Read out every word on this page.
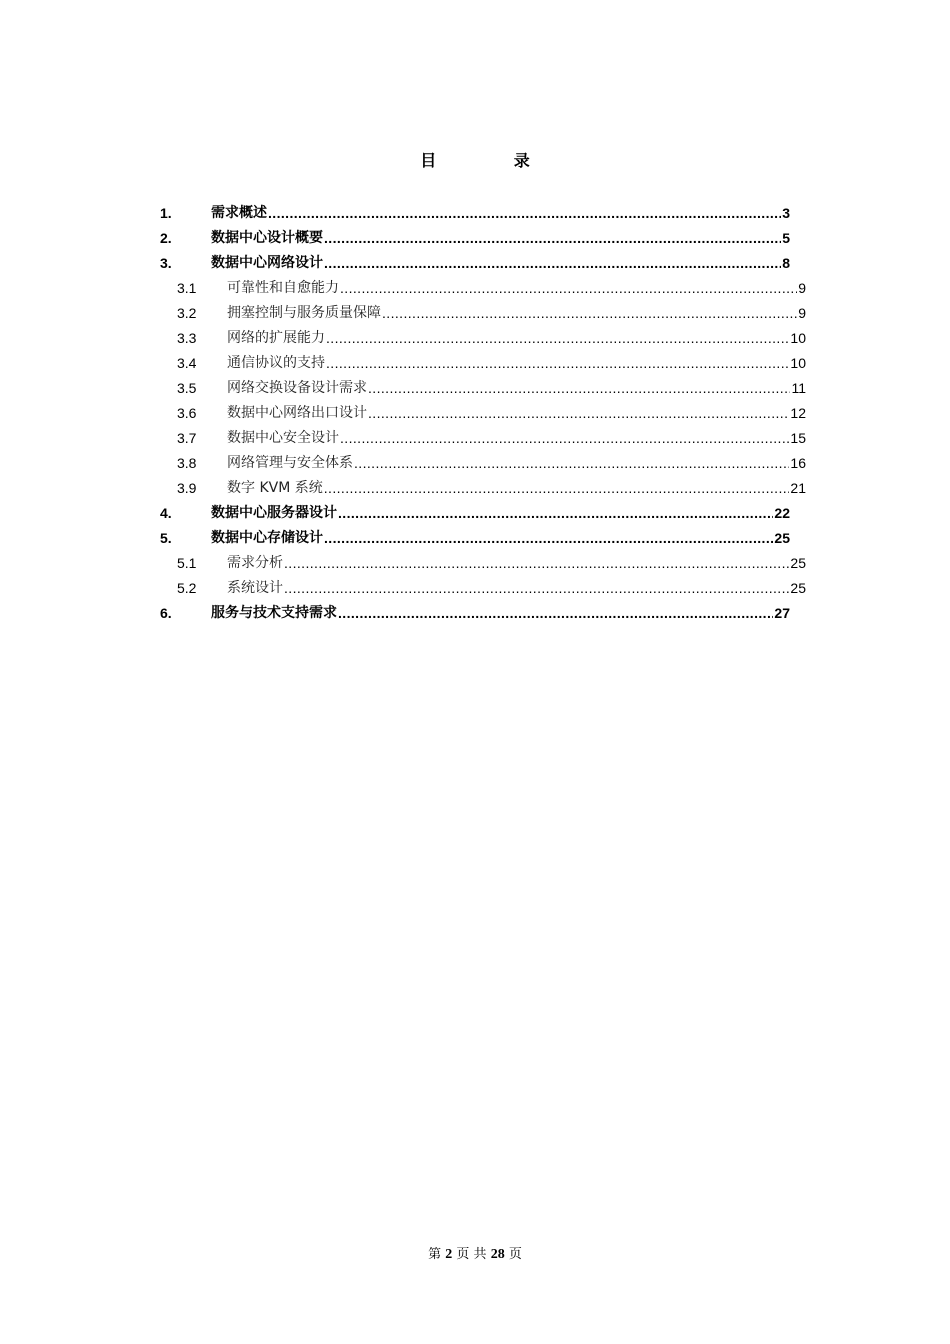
目 录
1.	需求概述 .....	3
2.	数据中心设计概要 .....	5
3.	数据中心网络设计 .....	8
3.1	可靠性和自愈能力 .....	9
3.2	拥塞控制与服务质量保障 .....	9
3.3	网络的扩展能力 .....	10
3.4	通信协议的支持 .....	10
3.5	网络交换设备设计需求 .....	11
3.6	数据中心网络出口设计 .....	12
3.7	数据中心安全设计 .....	15
3.8	网络管理与安全体系 .....	16
3.9	数字 KVM 系统 .....	21
4.	数据中心服务器设计 .....	22
5.	数据中心存储设计 .....	25
5.1	需求分析 .....	25
5.2	系统设计 .....	25
6.	服务与技术支持需求 .....	27
第 2 页 共 28 页
